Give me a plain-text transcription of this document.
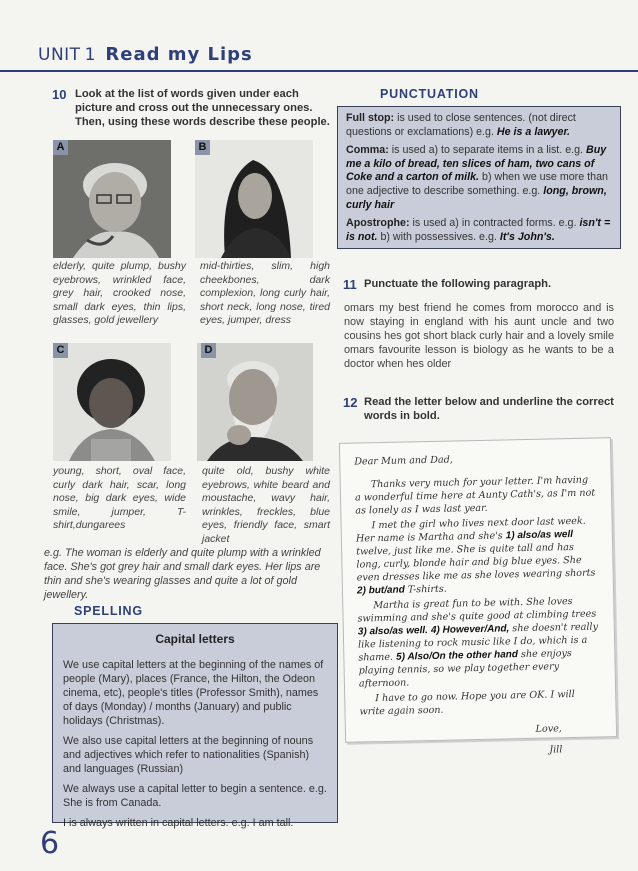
UNIT 1 Read my Lips
10 Look at the list of words given under each picture and cross out the unnecessary ones. Then, using these words describe these people.
A	B
elderly, quite plump, bushy eyebrows, wrinkled face, grey hair, crooked nose, small dark eyes, thin lips, glasses, gold jewellery
mid-thirties, slim, high cheekbones, dark complexion, long curly hair, short neck, long nose, tired eyes, jumper, dress
C	D
young, short, oval face, curly dark hair, scar, long nose, big dark eyes, wide smile, jumper, T-shirt,dungarees
quite old, bushy white eyebrows, white beard and moustache, wavy hair, wrinkles, freckles, blue eyes, friendly face, smart jacket
e.g. The woman is elderly and quite plump with a wrinkled face. She's got grey hair and small dark eyes. Her lips are thin and she's wearing glasses and quite a lot of gold jewellery.
SPELLING
Capital letters

We use capital letters at the beginning of the names of people (Mary), places (France, the Hilton, the Odeon cinema, etc), people's titles (Professor Smith), names of days (Monday) / months (January) and public holidays (Christmas).

We also use capital letters at the beginning of nouns and adjectives which refer to nationalities (Spanish) and languages (Russian)

We always use a capital letter to begin a sentence. e.g. She is from Canada.

I is always written in capital letters. e.g. I am tall.

6
PUNCTUATION

Full stop: is used to close sentences. (not direct questions or exclamations) e.g. He is a lawyer.

Comma: is used a) to separate items in a list. e.g. Buy me a kilo of bread, ten slices of ham, two cans of Coke and a carton of milk. b) when we use more than one adjective to describe something. e.g. long, brown, curly hair

Apostrophe: is used a) in contracted forms. e.g. isn't = is not. b) with possessives. e.g. It's John's.

11 Punctuate the following paragraph.
omars my best friend he comes from morocco and is now staying in england with his aunt uncle and two cousins hes got short black curly hair and a lovely smile omars favourite lesson is biology as he wants to be a doctor when hes older
12 Read the letter below and underline the correct words in bold.

Dear Mum and Dad,

Thanks very much for your letter. I'm having a wonderful time here at Aunty Cath's, as I'm not as lonely as I was last year.

I met the girl who lives next door last week. Her name is Martha and she's 1) also/as well twelve, just like me. She is quite tall and has long, curly, blonde hair and big blue eyes. She even dresses like me as she loves wearing shorts 2) but/and T-shirts.

Martha is great fun to be with. She loves swimming and she's quite good at climbing trees 3) also/as well. 4) However/And, she doesn't really like listening to rock music like I do, which is a shame. 5) Also/On the other hand she enjoys playing tennis, so we play together every afternoon.

I have to go now. Hope you are OK. I will write again soon.

Love,

Jill
